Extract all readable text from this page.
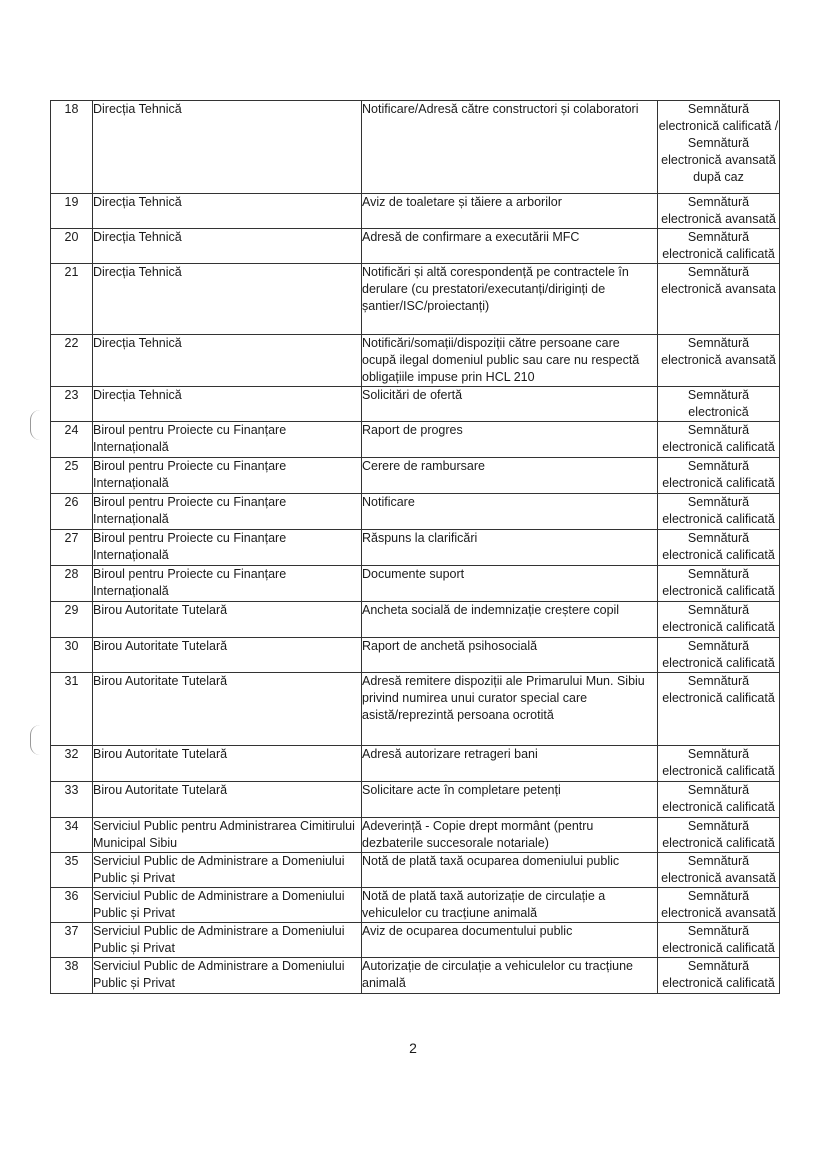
18	Direcția Tehnică	Notificare/Adresă către constructori și colaboratori	Semnătură electronică calificată / Semnătură electronică avansată după caz
19	Direcția Tehnică	Aviz de toaletare și tăiere a arborilor	Semnătură electronică avansată
20	Direcția Tehnică	Adresă de confirmare a executării MFC	Semnătură electronică calificată
21	Direcția Tehnică	Notificări și altă corespondență pe contractele în derulare (cu prestatori/executanți/diriginți de șantier/ISC/proiectanți)	Semnătură electronică avansata
22	Direcția Tehnică	Notificări/somații/dispoziții către persoane care ocupă ilegal domeniul public sau care nu respectă obligațiile impuse prin HCL 210	Semnătură electronică avansată
23	Direcția Tehnică	Solicitări de ofertă	Semnătură electronică
24	Biroul pentru Proiecte cu Finanțare Internațională	Raport de progres	Semnătură electronică calificată
25	Biroul pentru Proiecte cu Finanțare Internațională	Cerere de rambursare	Semnătură electronică calificată
26	Biroul pentru Proiecte cu Finanțare Internațională	Notificare	Semnătură electronică calificată
27	Biroul pentru Proiecte cu Finanțare Internațională	Răspuns la clarificări	Semnătură electronică calificată
28	Biroul pentru Proiecte cu Finanțare Internațională	Documente suport	Semnătură electronică calificată
29	Birou Autoritate Tutelară	Ancheta socială de indemnizație creștere copil	Semnătură electronică calificată
30	Birou Autoritate Tutelară	Raport de anchetă psihosocială	Semnătură electronică calificată
31	Birou Autoritate Tutelară	Adresă remitere dispoziții ale Primarului Mun. Sibiu privind numirea unui curator special care asistă/reprezintă persoana ocrotită	Semnătură electronică calificată
32	Birou Autoritate Tutelară	Adresă autorizare retrageri bani	Semnătură electronică calificată
33	Birou Autoritate Tutelară	Solicitare acte în completare petenți	Semnătură electronică calificată
34	Serviciul Public pentru Administrarea Cimitirului Municipal Sibiu	Adeverință - Copie drept mormânt (pentru dezbaterile succesorale notariale)	Semnătură electronică calificată
35	Serviciul Public de Administrare a Domeniului Public și Privat	Notă de plată taxă ocuparea domeniului public	Semnătură electronică avansată
36	Serviciul Public de Administrare a Domeniului Public și Privat	Notă de plată taxă autorizație de circulație a vehiculelor cu tracțiune animală	Semnătură electronică avansată
37	Serviciul Public de Administrare a Domeniului Public și Privat	Aviz de ocuparea documentului public	Semnătură electronică calificată
38	Serviciul Public de Administrare a Domeniului Public și Privat	Autorizație de circulație a vehiculelor cu tracțiune animală	Semnătură electronică calificată
2
